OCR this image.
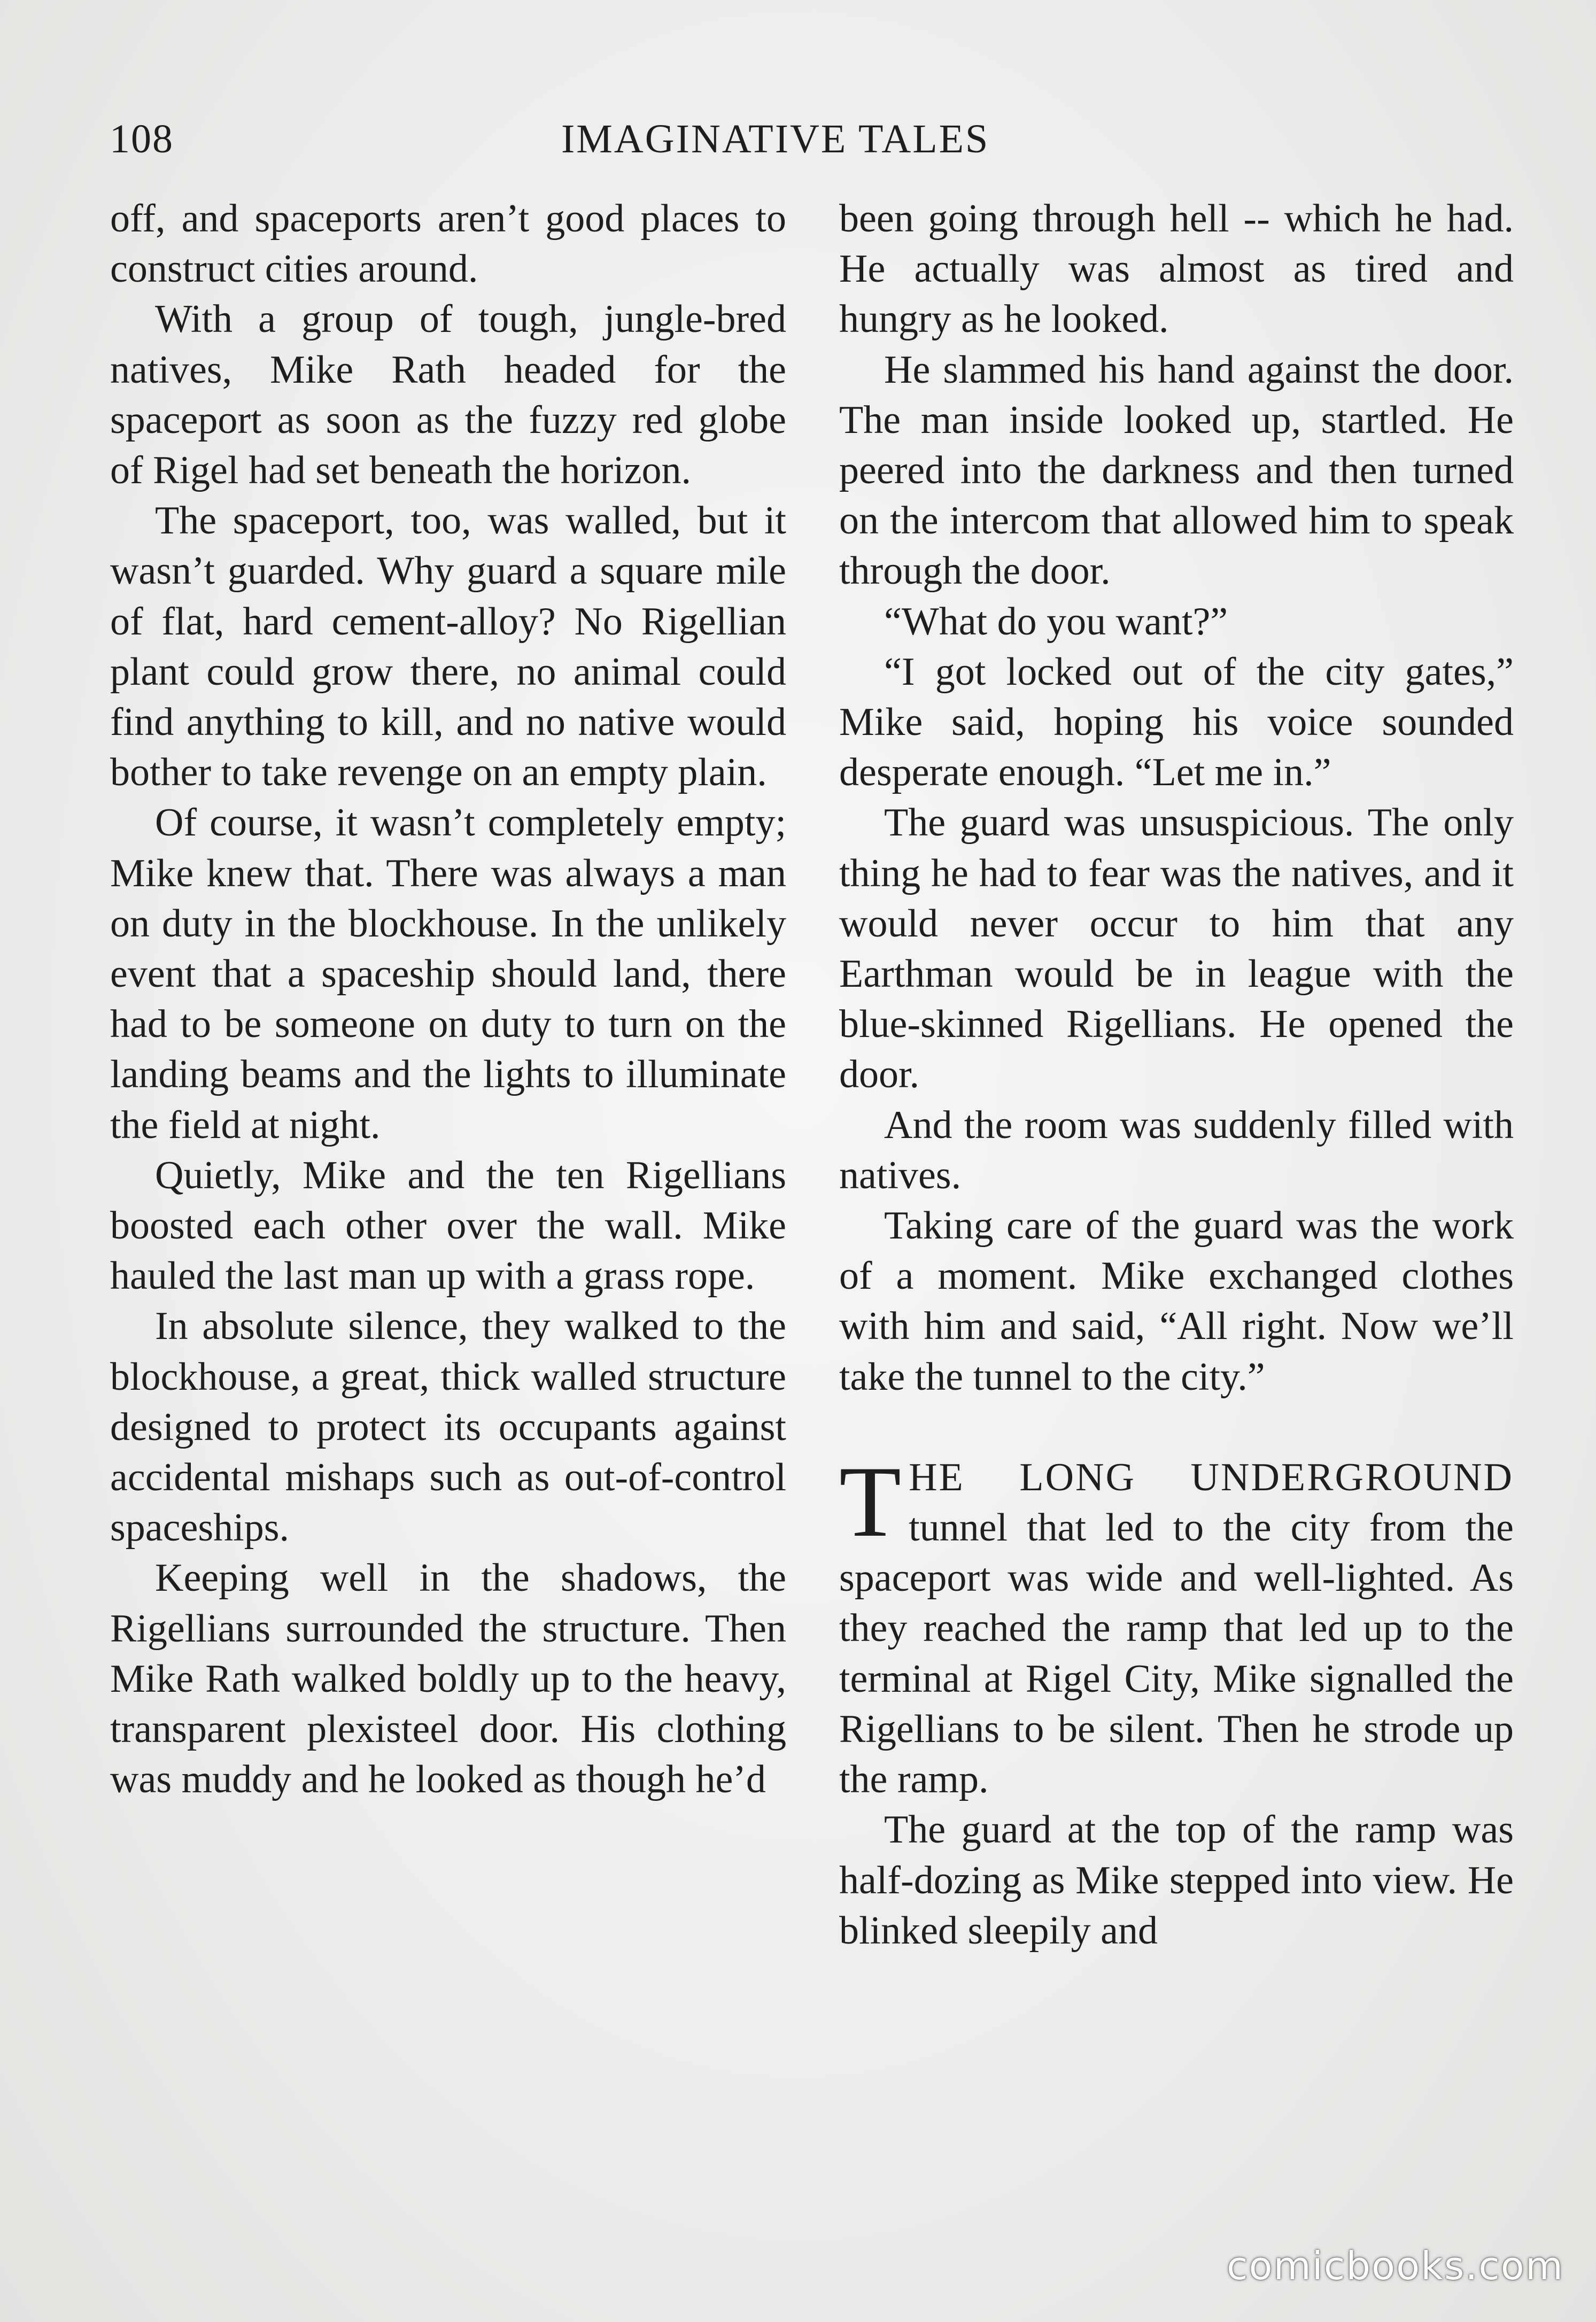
108	IMAGINATIVE TALES

off, and spaceports aren’t good places to construct cities around.

With a group of tough, jungle-bred natives, Mike Rath headed for the spaceport as soon as the fuzzy red globe of Rigel had set beneath the horizon.

The spaceport, too, was walled, but it wasn’t guarded. Why guard a square mile of flat, hard cement-alloy? No Rigellian plant could grow there, no animal could find anything to kill, and no native would bother to take revenge on an empty plain.

Of course, it wasn’t completely empty; Mike knew that. There was always a man on duty in the blockhouse. In the unlikely event that a spaceship should land, there had to be someone on duty to turn on the landing beams and the lights to illuminate the field at night.

Quietly, Mike and the ten Rigellians boosted each other over the wall. Mike hauled the last man up with a grass rope.

In absolute silence, they walked to the blockhouse, a great, thick walled structure designed to protect its occupants against accidental mishaps such as out-of-control spaceships.

Keeping well in the shadows, the Rigellians surrounded the structure. Then Mike Rath walked boldly up to the heavy, transparent plexisteel door. His clothing was muddy and he looked as though he’d

been going through hell -- which he had. He actually was almost as tired and hungry as he looked.

He slammed his hand against the door. The man inside looked up, startled. He peered into the darkness and then turned on the intercom that allowed him to speak through the door.

“What do you want?”

“I got locked out of the city gates,” Mike said, hoping his voice sounded desperate enough. “Let me in.”

The guard was unsuspicious. The only thing he had to fear was the natives, and it would never occur to him that any Earthman would be in league with the blue-skinned Rigellians. He opened the door.

And the room was suddenly filled with natives.

Taking care of the guard was the work of a moment. Mike exchanged clothes with him and said, “All right. Now we’ll take the tunnel to the city.”

THE LONG UNDERGROUND tunnel that led to the city from the spaceport was wide and well-lighted. As they reached the ramp that led up to the terminal at Rigel City, Mike signalled the Rigellians to be silent. Then he strode up the ramp.

The guard at the top of the ramp was half-dozing as Mike stepped into view. He blinked sleepily and

comicbooks.com
